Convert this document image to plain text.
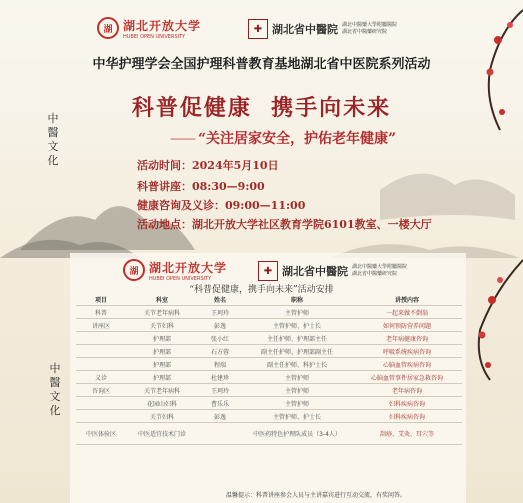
湖 湖北开放大学
HUBEI OPEN UNIVERSITY
✚ 湖北省中醫院 湖北中醫藥大學附屬醫院
湖北省中醫藥研究院
中华护理学会全国护理科普教育基地湖北省中医院系列活动
中
醫
文
化
科普促健康  携手向未来
—— “关注居家安全，护佑老年健康”
活动时间：2024年5月10日
科普讲座：08:30—9:00
健康咨询及义诊：09:00—11:00
活动地点：湖北开放大学社区教育学院6101教室、一楼大厅
湖 湖北开放大学
HUBEI OPEN UNIVERSITY
✚ 湖北省中醫院 湖北中醫藥大學附屬醫院
湖北省中醫藥研究院
中
醫
文
化
“科普促健康，携手向未来”活动安排
项目	科室	姓名	职称	讲授内容
科普	关节老年病科	王珂玲	主管护师	一起来做不倒翁
讲座区	关节妇科	彭逸	主管护师、护士长	如何预防营养问题
	护理部	张小红	主任护师、护理部主任	老年病健康咨询
	护理部	石方蓉	副主任护师、护理部副主任	呼吸系统疾病咨询
	护理部	程端	副主任护师、科护士长	心脑血管疾病咨询
义诊	护理部	杜建珍	主管护师	心脑血管事件居家急救咨询
咨询区	关节老年病科	王珂玲	主管护师	老年病咨询
	花园山妇科	曹乐乐	主管护师	妇科疾病咨询
	关节妇科	彭逸	主管护师、护士长	妇科疾病咨询
中医体验区	中医适宜技术门诊		中医药特色护理队成员（3-4人）	刮痧、艾灸、耳穴等
温馨提示：科普讲座参会人员与主讲嘉宾进行互动交流，有奖问答。
